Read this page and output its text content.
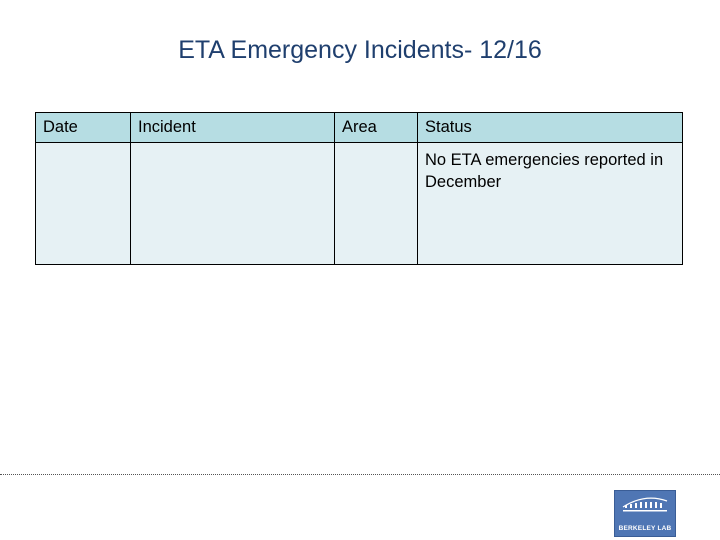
ETA Emergency Incidents- 12/16
Date	Incident	Area	Status
			No ETA emergencies reported in December
BERKELEY LAB
